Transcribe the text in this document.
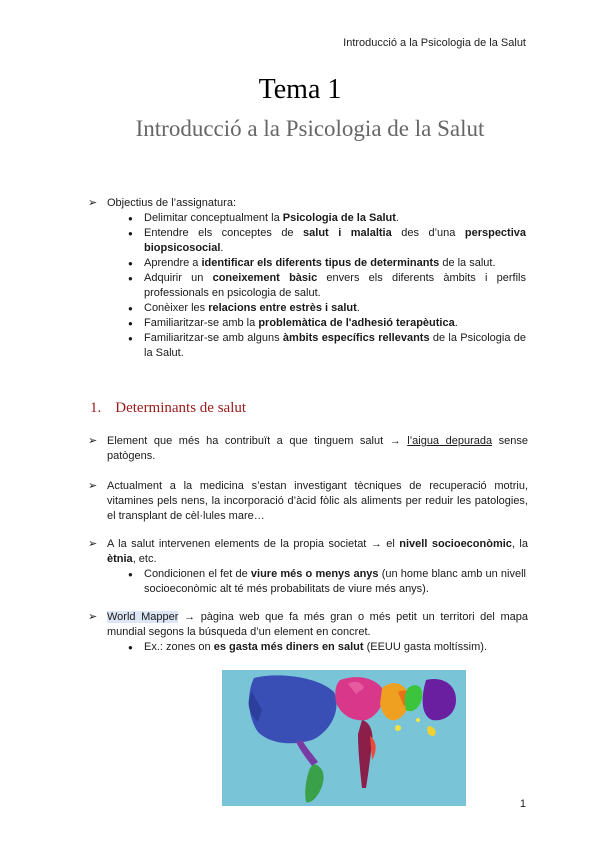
Introducció a la Psicologia de la Salut
Tema 1
Introducció a la Psicologia de la Salut
➢ Objectius de l’assignatura:
● Delimitar conceptualment la Psicologia de la Salut.
● Entendre els conceptes de salut i malaltia des d’una perspectiva biopsicosocial.
● Aprendre a identificar els diferents tipus de determinants de la salut.
● Adquirir un coneixement bàsic envers els diferents àmbits i perfils professionals en psicologia de salut.
● Conèixer les relacions entre estrès i salut.
● Familiaritzar-se amb la problemàtica de l'adhesió terapèutica.
● Familiaritzar-se amb alguns àmbits específics rellevants de la Psicologia de la Salut.
1. Determinants de salut
➢ Element que més ha contribuït a que tinguem salut → l’aigua depurada sense patògens.
➢ Actualment a la medicina s’estan investigant tècniques de recuperació motriu, vitamines pels nens, la incorporació d’àcid fòlic als aliments per reduir les patologies, el transplant de cèl·lules mare…
➢ A la salut intervenen elements de la propia societat → el nivell socioeconòmic, la ètnia, etc.
● Condicionen el fet de viure més o menys anys (un home blanc amb un nivell socioeconòmic alt té més probabilitats de viure més anys).
➢ World Mapper → pàgina web que fa més gran o més petit un territori del mapa mundial segons la búsqueda d’un element en concret.
● Ex.: zones on es gasta més diners en salut (EEUU gasta moltíssim).
1
